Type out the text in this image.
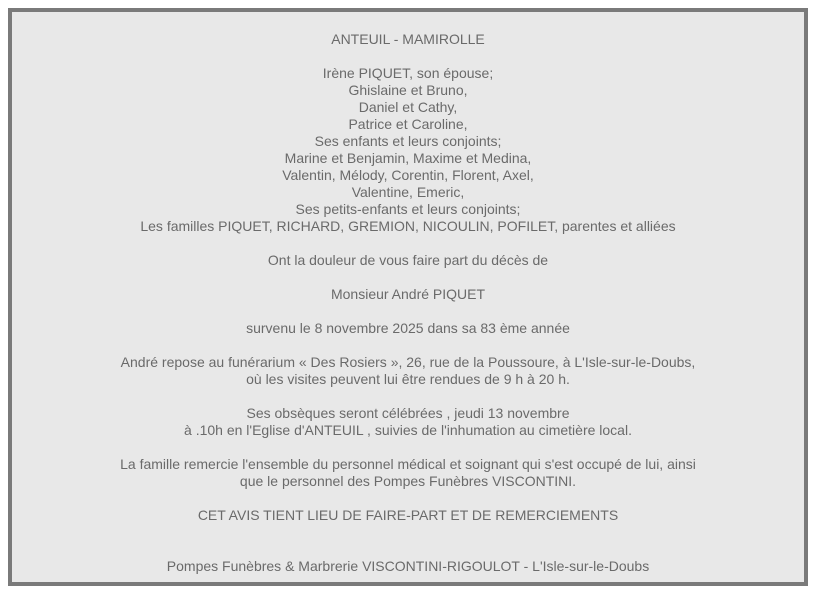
ANTEUIL - MAMIROLLE

Irène PIQUET, son épouse;

Ghislaine et Bruno,

Daniel et Cathy,

Patrice et Caroline,

Ses enfants et leurs conjoints;

Marine et Benjamin, Maxime et Medina,

Valentin, Mélody, Corentin, Florent, Axel,

Valentine, Emeric,

Ses petits-enfants et leurs conjoints;

Les familles PIQUET, RICHARD, GREMION, NICOULIN, POFILET, parentes et alliées

Ont la douleur de vous faire part du décès de

Monsieur André PIQUET

survenu le 8 novembre 2025 dans sa 83 ème année

André repose au funérarium « Des Rosiers », 26, rue de la Poussoure, à L'Isle-sur-le-Doubs,

où les visites peuvent lui être rendues de 9 h à 20 h.

Ses obsèques seront célébrées , jeudi 13 novembre

à .10h en l'Eglise d'ANTEUIL , suivies de l'inhumation au cimetière local.

La famille remercie l'ensemble du personnel médical et soignant qui s'est occupé de lui, ainsi

que le personnel des Pompes Funèbres VISCONTINI.

CET AVIS TIENT LIEU DE FAIRE-PART ET DE REMERCIEMENTS

Pompes Funèbres & Marbrerie VISCONTINI-RIGOULOT - L'Isle-sur-le-Doubs
